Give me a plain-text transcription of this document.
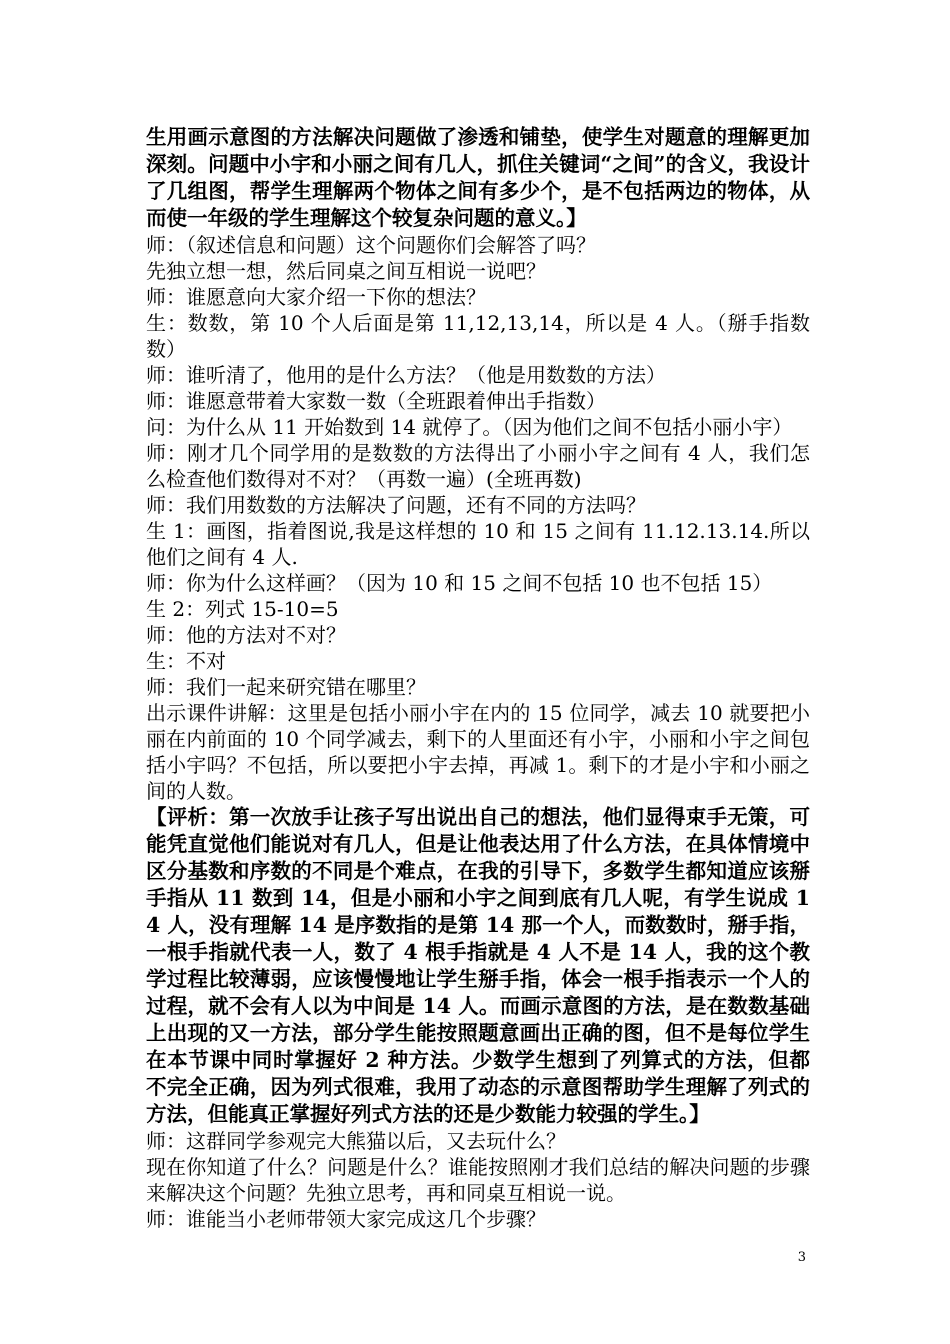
生用画示意图的方法解决问题做了渗透和铺垫，使学生对题意的理解更加深刻。问题中小宇和小丽之间有几人，抓住关键词“之间”的含义，我设计了几组图，帮学生理解两个物体之间有多少个，是不包括两边的物体，从而使一年级的学生理解这个较复杂问题的意义。】

师：（叙述信息和问题）这个问题你们会解答了吗？

先独立想一想，然后同桌之间互相说一说吧？

师：谁愿意向大家介绍一下你的想法？

生：数数，第 10 个人后面是第 11,12,13,14，所以是 4 人。（掰手指数数）

师：谁听清了，他用的是什么方法？（他是用数数的方法）

师：谁愿意带着大家数一数（全班跟着伸出手指数）

问：为什么从 11 开始数到 14 就停了。（因为他们之间不包括小丽小宇）

师：刚才几个同学用的是数数的方法得出了小丽小宇之间有 4 人，我们怎么检查他们数得对不对？（再数一遍）(全班再数)

师：我们用数数的方法解决了问题，还有不同的方法吗？

生 1：画图，指着图说,我是这样想的 10 和 15 之间有 11.12.13.14.所以他们之间有 4 人.

师：你为什么这样画？（因为 10 和 15 之间不包括 10 也不包括 15）

生 2：列式 15-10=5

师：他的方法对不对？

生：不对

师：我们一起来研究错在哪里？

出示课件讲解：这里是包括小丽小宇在内的 15 位同学，减去 10 就要把小丽在内前面的 10 个同学减去，剩下的人里面还有小宇，小丽和小宇之间包括小宇吗？不包括，所以要把小宇去掉，再减 1。剩下的才是小宇和小丽之间的人数。

【评析：第一次放手让孩子写出说出自己的想法，他们显得束手无策，可能凭直觉他们能说对有几人，但是让他表达用了什么方法，在具体情境中区分基数和序数的不同是个难点，在我的引导下，多数学生都知道应该掰手指从 11 数到 14，但是小丽和小宇之间到底有几人呢，有学生说成 14 人，没有理解 14 是序数指的是第 14 那一个人，而数数时，掰手指，一根手指就代表一人，数了 4 根手指就是 4 人不是 14 人，我的这个教学过程比较薄弱，应该慢慢地让学生掰手指，体会一根手指表示一个人的过程，就不会有人以为中间是 14 人。而画示意图的方法，是在数数基础上出现的又一方法，部分学生能按照题意画出正确的图，但不是每位学生在本节课中同时掌握好 2 种方法。少数学生想到了列算式的方法，但都不完全正确，因为列式很难，我用了动态的示意图帮助学生理解了列式的方法，但能真正掌握好列式方法的还是少数能力较强的学生。】

师：这群同学参观完大熊猫以后，又去玩什么？

现在你知道了什么？问题是什么？谁能按照刚才我们总结的解决问题的步骤来解决这个问题？先独立思考，再和同桌互相说一说。

师：谁能当小老师带领大家完成这几个步骤？

3
